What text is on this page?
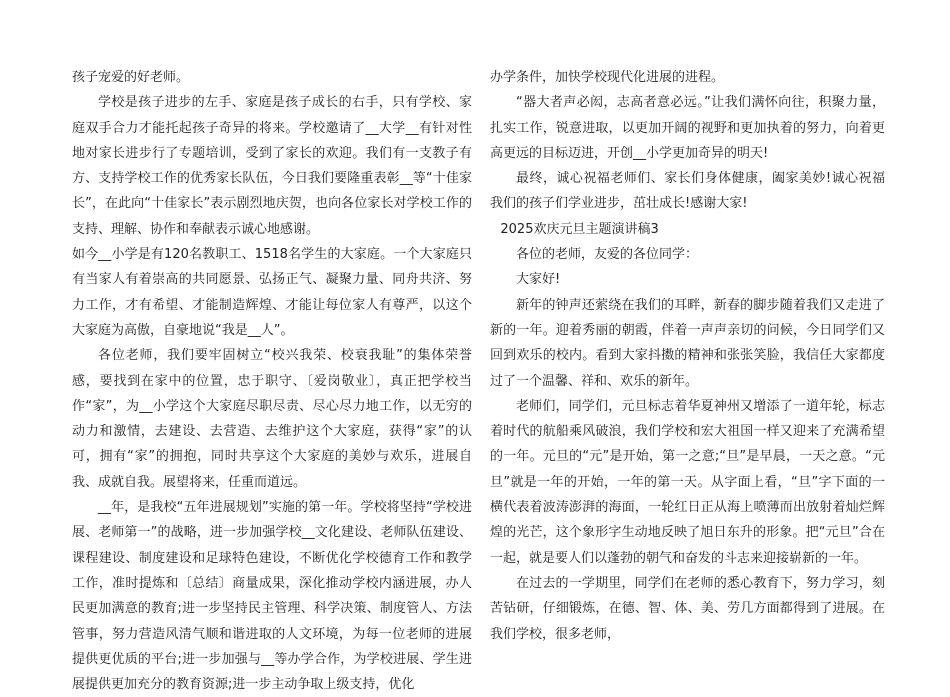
孩子宠爱的好老师。

学校是孩子进步的左手、家庭是孩子成长的右手，只有学校、家庭双手合力才能托起孩子奇异的将来。学校邀请了__大学__有针对性地对家长进步行了专题培训，受到了家长的欢迎。我们有一支教子有方、支持学校工作的优秀家长队伍，今日我们要隆重表彰__等“十佳家长”，在此向“十佳家长”表示剧烈地庆贺，也向各位家长对学校工作的支持、理解、协作和奉献表示诚心地感谢。

如今__小学是有120名教职工、1518名学生的大家庭。一个大家庭只有当家人有着崇高的共同愿景、弘扬正气、凝聚力量、同舟共济、努力工作，才有希望、才能制造辉煌、才能让每位家人有尊严，以这个大家庭为高傲，自豪地说“我是__人”。

各位老师，我们要牢固树立“校兴我荣、校衰我耻”的集体荣誉感，要找到在家中的位置，忠于职守、〔爱岗敬业〕，真正把学校当作“家”，为__小学这个大家庭尽职尽责、尽心尽力地工作，以无穷的动力和激情，去建设、去营造、去维护这个大家庭，获得“家”的认可，拥有“家”的拥抱，同时共享这个大家庭的美妙与欢乐，进展自我、成就自我。展望将来，任重而道远。

__年，是我校“五年进展规划”实施的第一年。学校将坚持“学校进展、老师第一”的战略，进一步加强学校__文化建设、老师队伍建设、课程建设、制度建设和足球特色建设，不断优化学校德育工作和教学工作，准时提炼和〔总结〕商量成果，深化推动学校内涵进展，办人民更加满意的教育;进一步坚持民主管理、科学决策、制度管人、方法管事，努力营造风清气顺和谐进取的人文环境，为每一位老师的进展提供更优质的平台;进一步加强与__等办学合作，为学校进展、学生进展提供更加充分的教育资源;进一步主动争取上级支持，优化

办学条件，加快学校现代化进展的进程。

“器大者声必闳，志高者意必远。”让我们满怀向往，积聚力量，扎实工作，锐意进取，以更加开阔的视野和更加执着的努力，向着更高更远的目标迈进，开创__小学更加奇异的明天!

最终，诚心祝福老师们、家长们身体健康，阖家美妙!诚心祝福我们的孩子们学业进步，茁壮成长!感谢大家!

2025欢庆元旦主题演讲稿3

各位的老师，友爱的各位同学：

大家好!

新年的钟声还萦绕在我们的耳畔，新春的脚步随着我们又走进了新的一年。迎着秀丽的朝霞，伴着一声声亲切的问候，今日同学们又回到欢乐的校内。看到大家抖擞的精神和张张笑脸，我信任大家都度过了一个温馨、祥和、欢乐的新年。

老师们，同学们，元旦标志着华夏神州又增添了一道年轮，标志着时代的航船乘风破浪，我们学校和宏大祖国一样又迎来了充满希望的一年。元旦的“元”是开始，第一之意;“旦”是早晨，一天之意。“元旦”就是一年的开始，一年的第一天。从字面上看，“旦”字下面的一横代表着波涛澎湃的海面，一轮红日正从海上喷薄而出放射着灿烂辉煌的光芒，这个象形字生动地反映了旭日东升的形象。把“元旦”合在一起，就是要人们以蓬勃的朝气和奋发的斗志来迎接崭新的一年。

在过去的一学期里，同学们在老师的悉心教育下，努力学习，刻苦钻研，仔细锻炼，在德、智、体、美、劳几方面都得到了进展。在我们学校，很多老师，
